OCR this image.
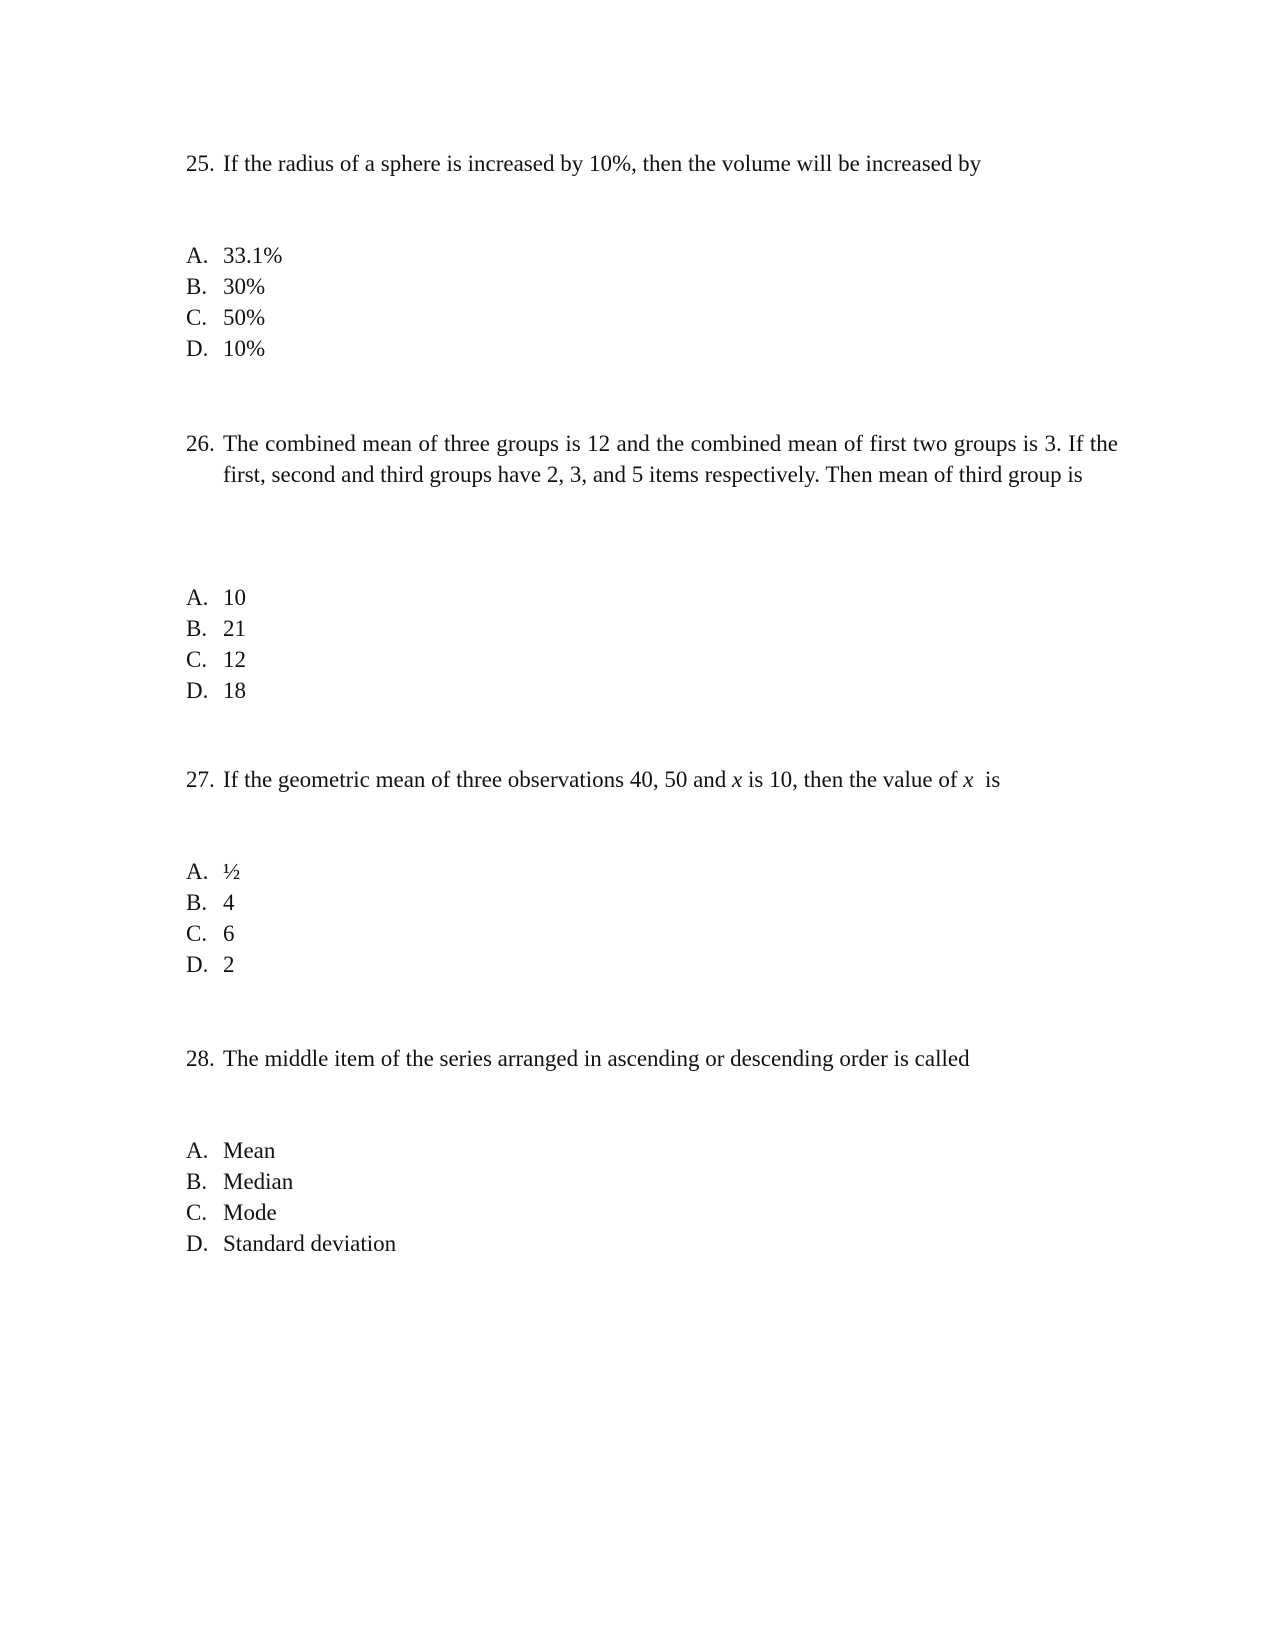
25. If the radius of a sphere is increased by 10%, then the volume will be increased by
A. 33.1%
B. 30%
C. 50%
D. 10%
26. The combined mean of three groups is 12 and the combined mean of first two groups is 3. If the first, second and third groups have 2, 3, and 5 items respectively. Then mean of third group is
A. 10
B. 21
C. 12
D. 18
27. If the geometric mean of three observations 40, 50 and x is 10, then the value of x  is
A. ½
B. 4
C. 6
D. 2
28. The middle item of the series arranged in ascending or descending order is called
A. Mean
B. Median
C. Mode
D. Standard deviation
